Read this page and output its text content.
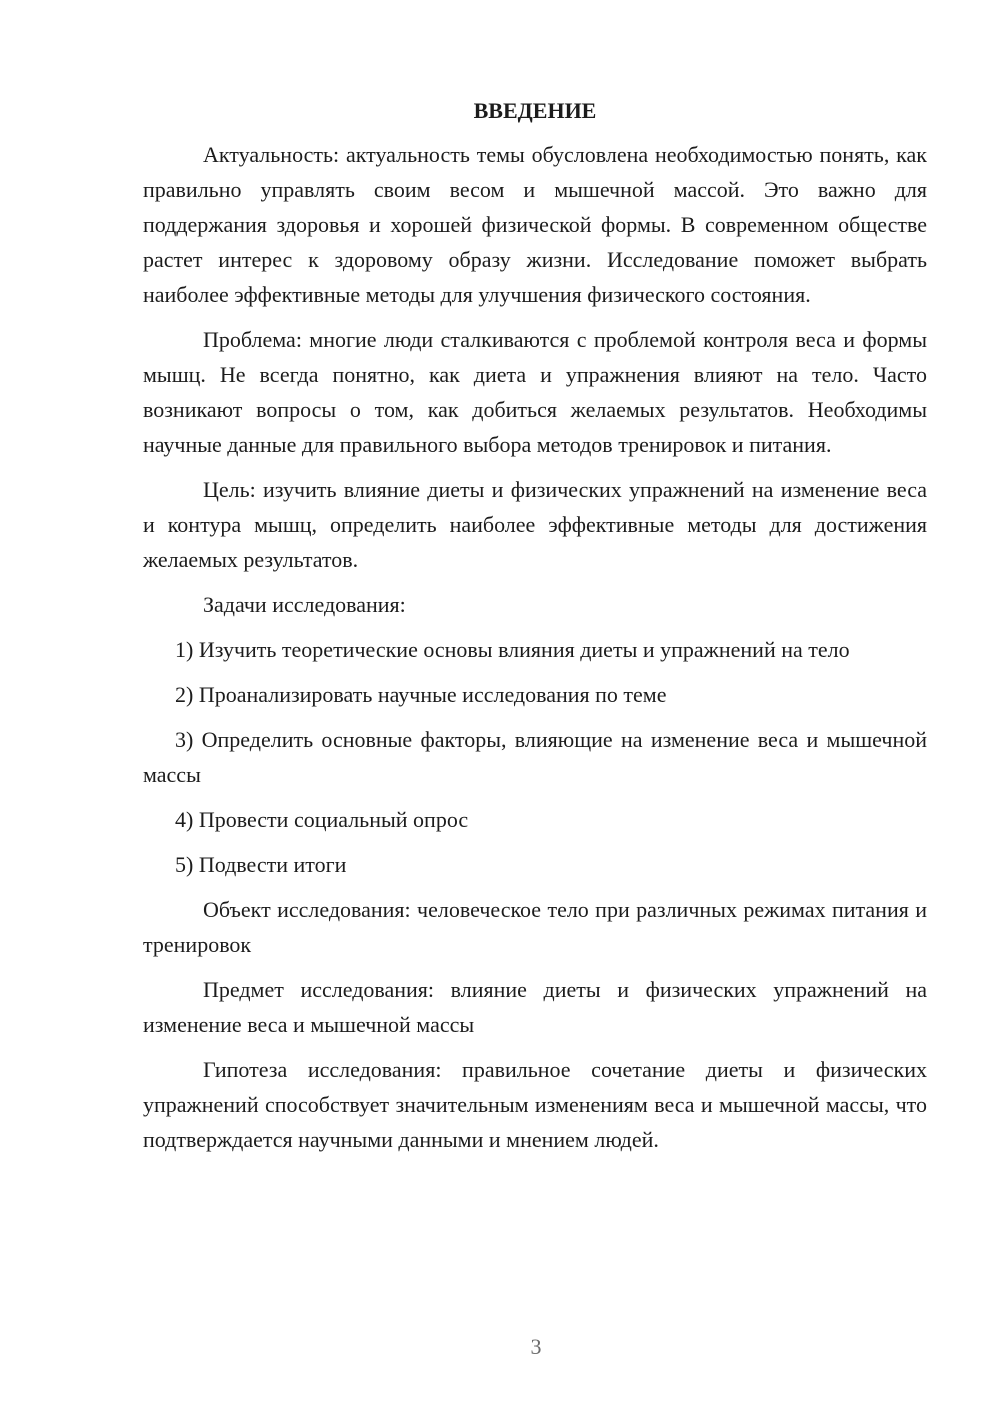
ВВЕДЕНИЕ

Актуальность: актуальность темы обусловлена необходимостью понять, как правильно управлять своим весом и мышечной массой. Это важно для поддержания здоровья и хорошей физической формы. В современном обществе растет интерес к здоровому образу жизни. Исследование поможет выбрать наиболее эффективные методы для улучшения физического состояния.

Проблема: многие люди сталкиваются с проблемой контроля веса и формы мышц. Не всегда понятно, как диета и упражнения влияют на тело. Часто возникают вопросы о том, как добиться желаемых результатов. Необходимы научные данные для правильного выбора методов тренировок и питания.

Цель: изучить влияние диеты и физических упражнений на изменение веса и контура мышц, определить наиболее эффективные методы для достижения желаемых результатов.

Задачи исследования:

1) Изучить теоретические основы влияния диеты и упражнений на тело

2) Проанализировать научные исследования по теме

3) Определить основные факторы, влияющие на изменение веса и мышечной массы

4) Провести социальный опрос

5) Подвести итоги

Объект исследования: человеческое тело при различных режимах питания и тренировок

Предмет исследования: влияние диеты и физических упражнений на изменение веса и мышечной массы

Гипотеза исследования: правильное сочетание диеты и физических упражнений способствует значительным изменениям веса и мышечной массы, что подтверждается научными данными и мнением людей.

3
